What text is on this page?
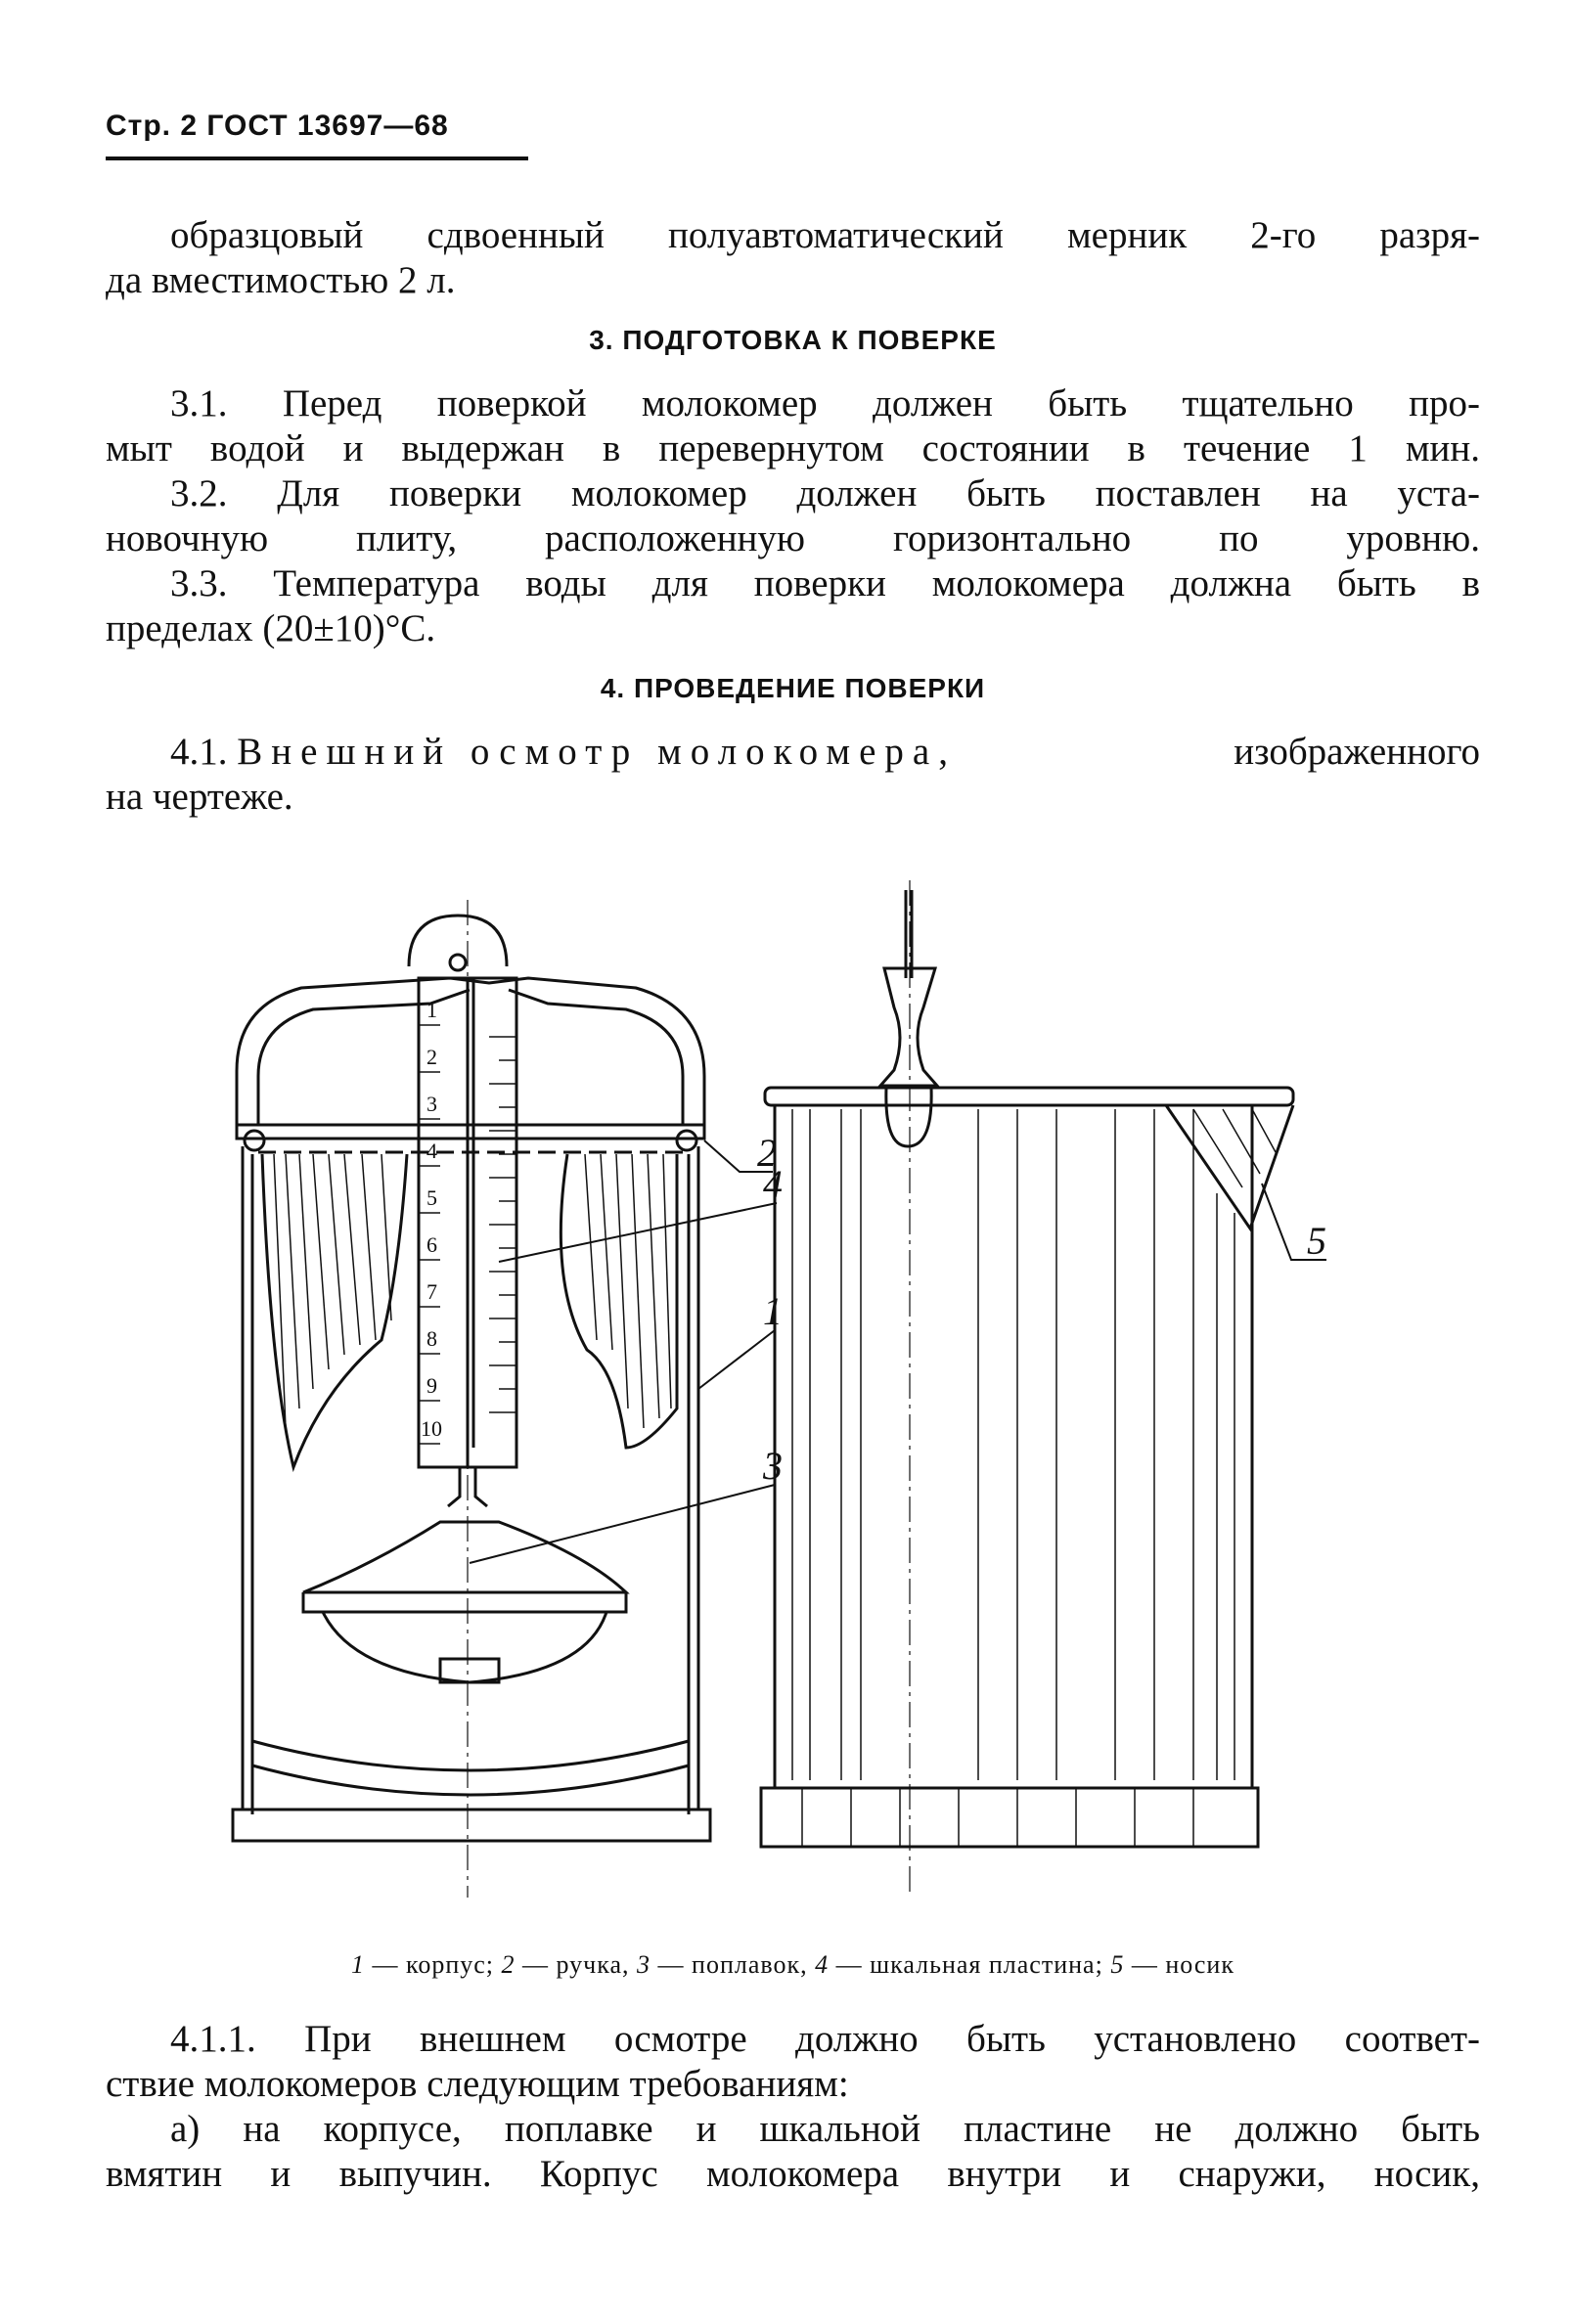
Стр. 2 ГОСТ 13697—68
образцовый сдвоенный полуавтоматический мерник 2-го разря-
да вместимостью 2 л.
3. ПОДГОТОВКА К ПОВЕРКЕ
3.1. Перед поверкой молокомер должен быть тщательно про-
мыт водой и выдержан в перевернутом состоянии в течение 1 мин.
3.2. Для поверки молокомер должен быть поставлен на уста-
новочную плиту, расположенную горизонтально по уровню.
3.3. Температура воды для поверки молокомера должна быть в
пределах (20±10)°С.
4. ПРОВЕДЕНИЕ ПОВЕРКИ
4.1. Внешний осмотр молокомера,	изображенного
на чертеже.
1
2
3
4
5
6
7
8
9
10
1
2
3
4
5
1 — корпус; 2 — ручка, 3 — поплавок, 4 — шкальная пластина; 5 — носик
4.1.1. При внешнем осмотре должно быть установлено соответ-
ствие молокомеров следующим требованиям:
а) на корпусе, поплавке и шкальной пластине не должно быть
вмятин и выпучин. Корпус молокомера внутри и снаружи, носик,
